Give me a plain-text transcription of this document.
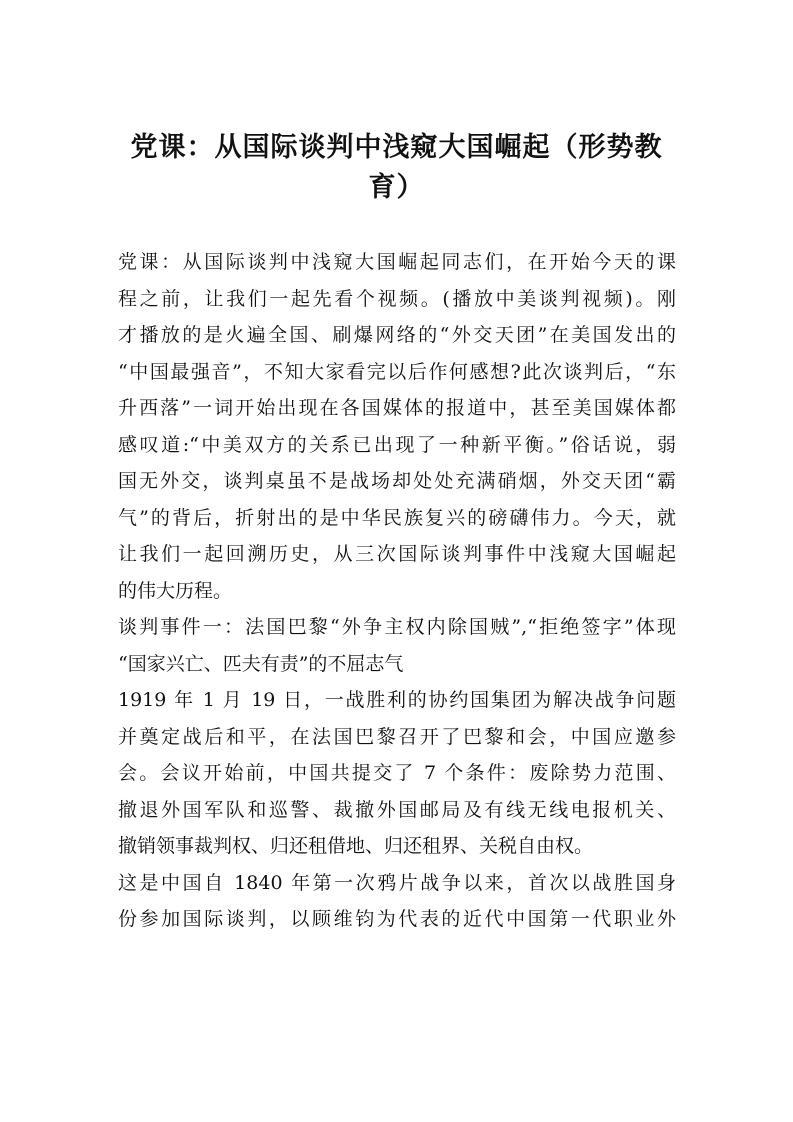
党课：从国际谈判中浅窥大国崛起（形势教
育）
党课：从国际谈判中浅窥大国崛起同志们，在开始今天的课
程之前，让我们一起先看个视频。(播放中美谈判视频)。刚
才播放的是火遍全国、刷爆网络的“外交天团”在美国发出的
“中国最强音”，不知大家看完以后作何感想?此次谈判后，“东
升西落”一词开始出现在各国媒体的报道中，甚至美国媒体都
感叹道:“中美双方的关系已出现了一种新平衡。”俗话说，弱
国无外交，谈判桌虽不是战场却处处充满硝烟，外交天团“霸
气”的背后，折射出的是中华民族复兴的磅礴伟力。今天，就
让我们一起回溯历史，从三次国际谈判事件中浅窥大国崛起
的伟大历程。
谈判事件一：法国巴黎“外争主权内除国贼”,“拒绝签字”体现
“国家兴亡、匹夫有责”的不屈志气
1919 年 1 月 19 日，一战胜利的协约国集团为解决战争问题
并奠定战后和平，在法国巴黎召开了巴黎和会，中国应邀参
会。会议开始前，中国共提交了 7 个条件：废除势力范围、
撤退外国军队和巡警、裁撤外国邮局及有线无线电报机关、
撤销领事裁判权、归还租借地、归还租界、关税自由权。
这是中国自 1840 年第一次鸦片战争以来，首次以战胜国身
份参加国际谈判，以顾维钧为代表的近代中国第一代职业外
